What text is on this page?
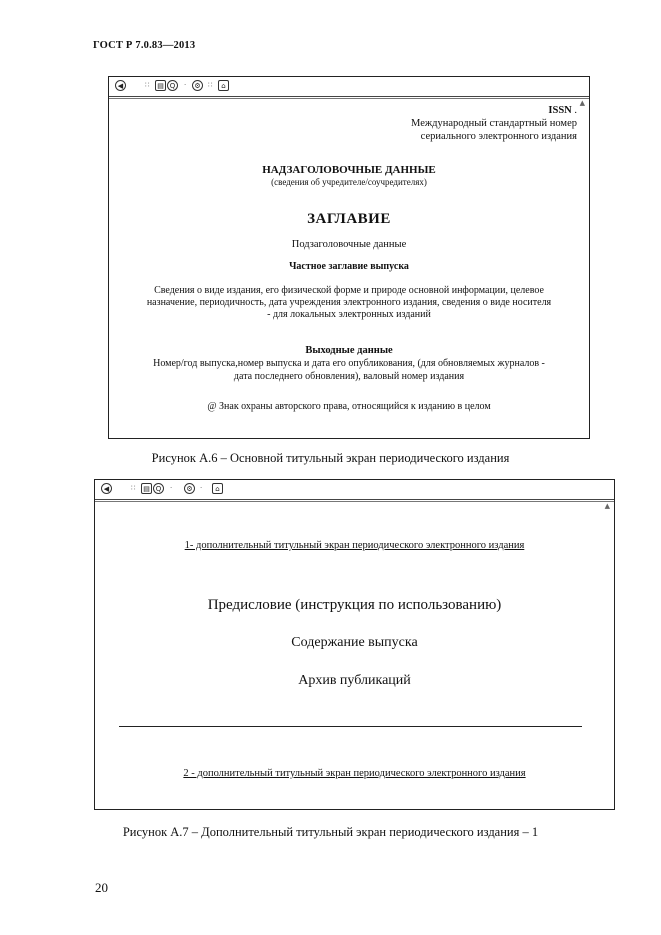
ГОСТ Р 7.0.83—2013
◀	∷	▤ Q	·	⚙	∷	⌂
▲
ISSN .
Международный стандартный номер
сериального электронного издания
НАДЗАГОЛОВОЧНЫЕ ДАННЫЕ
(сведения об учредителе/соучредителях)
ЗАГЛАВИЕ
Подзаголовочные данные
Частное заглавие выпуска
Сведения о виде издания, его физической форме и природе основной информации, целевое
назначение, периодичность, дата учреждения электронного издания, сведения о виде носителя
- для локальных электронных изданий
Выходные данные
Номер/год выпуска,номер выпуска и дата его опубликования, (для обновляемых журналов -
дата последнего обновления), валовый номер издания
@ Знак охраны авторского права, относящийся к изданию в целом
Рисунок А.6 – Основной титульный экран периодического издания
◀	∷	▤ Q	·	⚙	·	⌂
▲
1- дополнительный титульный экран периодического электронного издания
Предисловие (инструкция по использованию)
Содержание выпуска
Архив публикаций
2 - дополнительный титульный экран периодического электронного издания
Рисунок А.7 – Дополнительный титульный экран периодического издания – 1
20
